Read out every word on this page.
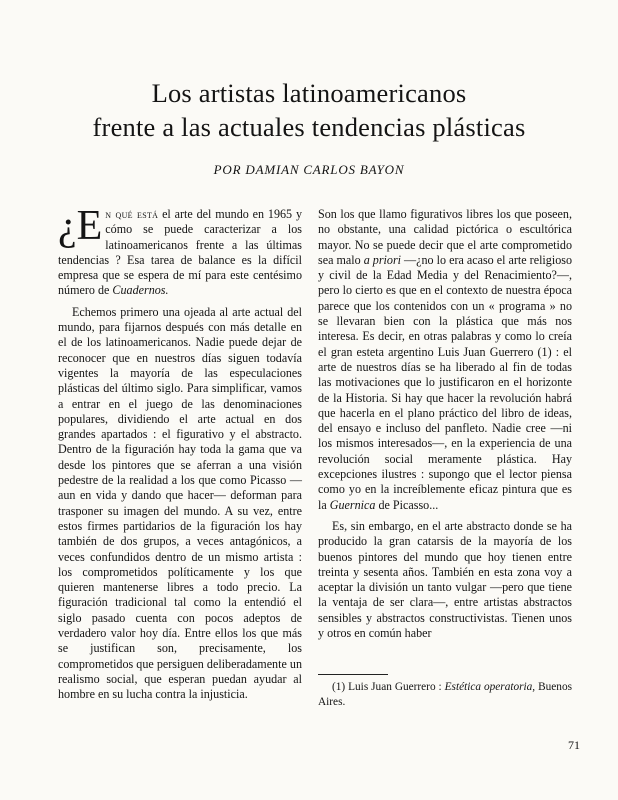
Los artistas latinoamericanos
frente a las actuales tendencias plásticas
POR DAMIAN CARLOS BAYON

¿E n qué está el arte del mundo en 1965 y cómo se puede caracterizar a los latinoamericanos frente a las últimas tendencias ? Esa tarea de balance es la difícil empresa que se espera de mí para este centésimo número de Cuadernos.

Echemos primero una ojeada al arte actual del mundo, para fijarnos después con más detalle en el de los latinoamericanos. Nadie puede dejar de reconocer que en nuestros días siguen todavía vigentes la mayoría de las especulaciones plásticas del último siglo. Para simplificar, vamos a entrar en el juego de las denominaciones populares, dividiendo el arte actual en dos grandes apartados : el figurativo y el abstracto. Dentro de la figuración hay toda la gama que va desde los pintores que se aferran a una visión pedestre de la realidad a los que como Picasso —aun en vida y dando que hacer— deforman para trasponer su imagen del mundo. A su vez, entre estos firmes partidarios de la figuración los hay también de dos grupos, a veces antagónicos, a veces confundidos dentro de un mismo artista : los comprometidos políticamente y los que quieren mantenerse libres a todo precio. La figuración tradicional tal como la entendió el siglo pasado cuenta con pocos adeptos de verdadero valor hoy día. Entre ellos los que más se justifican son, precisamente, los comprometidos que persiguen deliberadamente un realismo social, que esperan puedan ayudar al hombre en su lucha contra la injusticia.

Son los que llamo figurativos libres los que poseen, no obstante, una calidad pictórica o escultórica mayor. No se puede decir que el arte comprometido sea malo a priori —¿no lo era acaso el arte religioso y civil de la Edad Media y del Renacimiento?—, pero lo cierto es que en el contexto de nuestra época parece que los contenidos con un « programa » no se llevaran bien con la plástica que más nos interesa. Es decir, en otras palabras y como lo creía el gran esteta argentino Luis Juan Guerrero (1) : el arte de nuestros días se ha liberado al fin de todas las motivaciones que lo justificaron en el horizonte de la Historia. Si hay que hacer la revolución habrá que hacerla en el plano práctico del libro de ideas, del ensayo e incluso del panfleto. Nadie cree —ni los mismos interesados—, en la experiencia de una revolución social meramente plástica. Hay excepciones ilustres : supongo que el lector piensa como yo en la increíblemente eficaz pintura que es la Guernica de Picasso...

Es, sin embargo, en el arte abstracto donde se ha producido la gran catarsis de la mayoría de los buenos pintores del mundo que hoy tienen entre treinta y sesenta años. También en esta zona voy a aceptar la división un tanto vulgar —pero que tiene la ventaja de ser clara—, entre artistas abstractos sensibles y abstractos constructivistas. Tienen unos y otros en común haber

(1) Luis Juan Guerrero : Estética operatoria, Buenos Aires.

71
